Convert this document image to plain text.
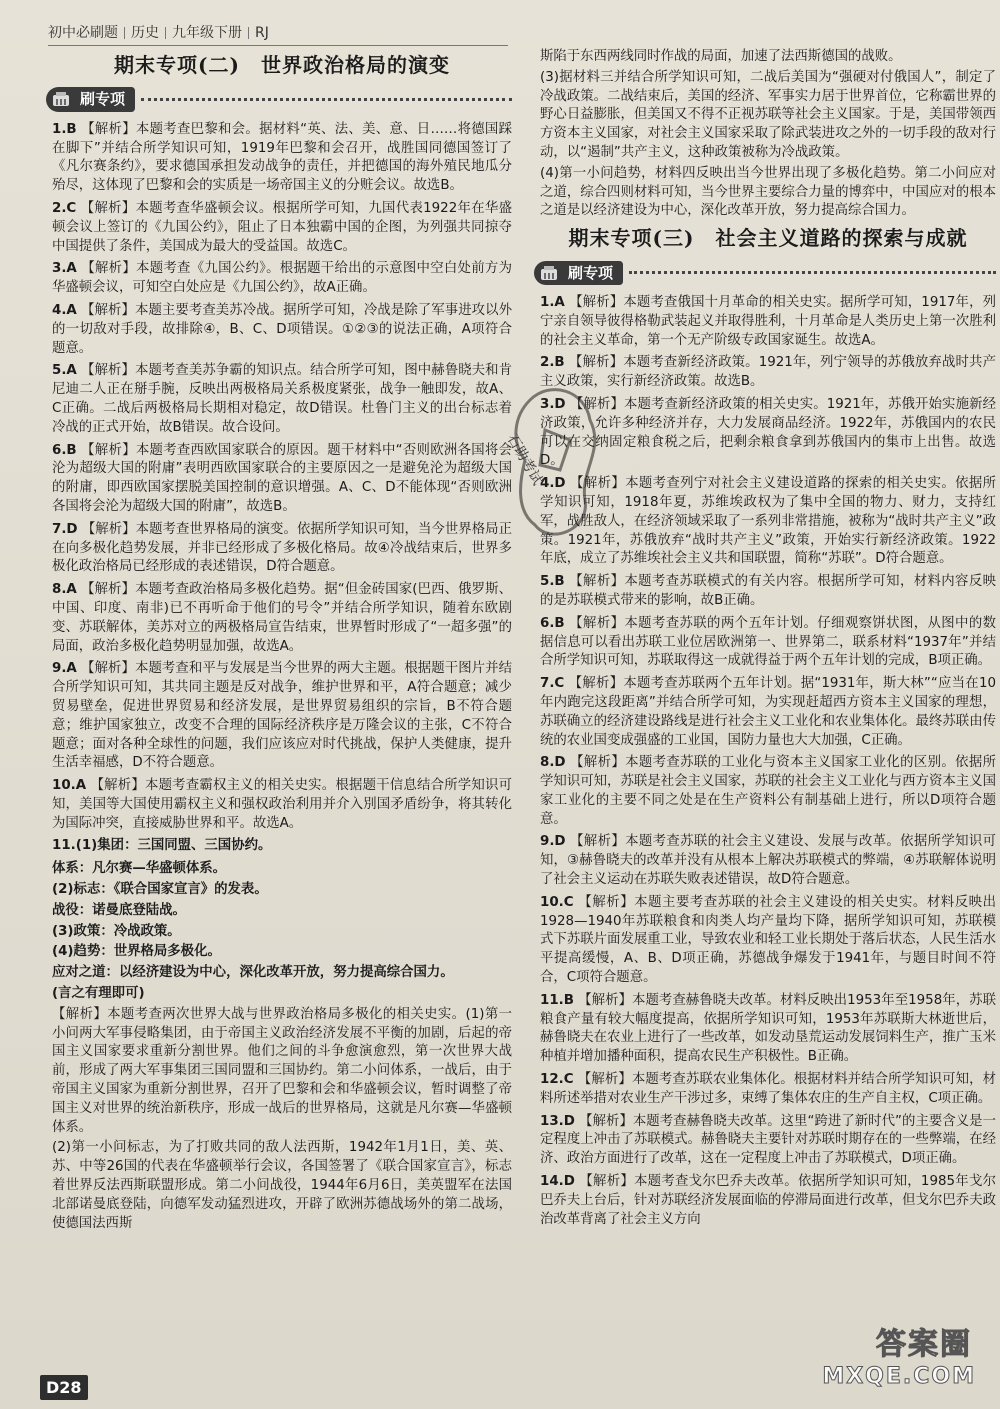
初中必刷题 历史 九年级下册 RJ
期末专项(二)　世界政治格局的演变
刷专项
1.B 【解析】本题考查巴黎和会。据材料“英、法、美、意、日……将德国踩在脚下”并结合所学知识可知，1919年巴黎和会召开，战胜国同德国签订了《凡尔赛条约》，要求德国承担发动战争的责任，并把德国的海外殖民地瓜分殆尽，这体现了巴黎和会的实质是一场帝国主义的分赃会议。故选B。
2.C 【解析】本题考查华盛顿会议。根据所学可知，九国代表1922年在华盛顿会议上签订的《九国公约》，阻止了日本独霸中国的企图，为列强共同掠夺中国提供了条件，美国成为最大的受益国。故选C。
3.A 【解析】本题考查《九国公约》。根据题干给出的示意图中空白处前方为华盛顿会议，可知空白处应是《九国公约》，故A正确。
4.A 【解析】本题主要考查美苏冷战。据所学可知，冷战是除了军事进攻以外的一切敌对手段，故排除④，B、C、D项错误。①②③的说法正确，A项符合题意。
5.A 【解析】本题考查美苏争霸的知识点。结合所学可知，图中赫鲁晓夫和肯尼迪二人正在掰手腕，反映出两极格局关系极度紧张，战争一触即发，故A、C正确。二战后两极格局长期相对稳定，故D错误。杜鲁门主义的出台标志着冷战的正式开始，故B错误。故合设问。
6.B 【解析】本题考查西欧国家联合的原因。题干材料中“否则欧洲各国将会沦为超级大国的附庸”表明西欧国家联合的主要原因之一是避免沦为超级大国的附庸，即西欧国家摆脱美国控制的意识增强。A、C、D不能体现“否则欧洲各国将会沦为超级大国的附庸”，故选B。
7.D 【解析】本题考查世界格局的演变。依据所学知识可知，当今世界格局正在向多极化趋势发展，并非已经形成了多极化格局。故④冷战结束后，世界多极化政治格局已经形成的表述错误，D符合题意。
8.A 【解析】本题考查政治格局多极化趋势。据“但金砖国家(巴西、俄罗斯、中国、印度、南非)已不再听命于他们的号令”并结合所学知识，随着东欧剧变、苏联解体，美苏对立的两极格局宣告结束，世界暂时形成了“一超多强”的局面，政治多极化趋势明显加强，故选A。
9.A 【解析】本题考查和平与发展是当今世界的两大主题。根据题干图片并结合所学知识可知，其共同主题是反对战争，维护世界和平，A符合题意；减少贸易壁垒，促进世界贸易和经济发展，是世界贸易组织的宗旨，B不符合题意；维护国家独立，改变不合理的国际经济秩序是万隆会议的主张，C不符合题意；面对各种全球性的问题，我们应该应对时代挑战，保护人类健康，提升生活幸福感，D不符合题意。
10.A 【解析】本题考查霸权主义的相关史实。根据题干信息结合所学知识可知，美国等大国使用霸权主义和强权政治利用并介入別国矛盾纷争，将其转化为国际冲突，直接威胁世界和平。故选A。
11.(1)集团：三国同盟、三国协约。
体系：凡尔赛—华盛顿体系。
(2)标志：《联合国家宣言》的发表。
战役：诺曼底登陆战。
(3)政策：冷战政策。
(4)趋势：世界格局多极化。
应对之道：以经济建设为中心，深化改革开放，努力提高综合国力。
(言之有理即可)
【解析】本题考查两次世界大战与世界政治格局多极化的相关史实。(1)第一小问两大军事侵略集团，由于帝国主义政治经济发展不平衡的加剧，后起的帝国主义国家要求重新分割世界。他们之间的斗争愈演愈烈，第一次世界大战前，形成了两大军事集团三国同盟和三国协约。第二小问体系，一战后，由于帝国主义国家为重新分割世界，召开了巴黎和会和华盛顿会议，暂时调整了帝国主义对世界的统治新秩序，形成一战后的世界格局，这就是凡尔赛—华盛顿体系。
(2)第一小问标志，为了打败共同的敌人法西斯，1942年1月1日，美、英、苏、中等26国的代表在华盛顿举行会议，各国签署了《联合国家宣言》，标志着世界反法西斯联盟形成。第二小问战役，1944年6月6日，美英盟军在法国北部诺曼底登陆，向德军发动猛烈进攻，开辟了欧洲苏德战场外的第二战场，使德国法西斯
斯陷于东西两线同时作战的局面，加速了法西斯德国的战败。
(3)据材料三并结合所学知识可知，二战后美国为“强硬对付俄国人”，制定了冷战政策。二战结束后，美国的经济、军事实力居于世界首位，它称霸世界的野心日益膨胀，但美国又不得不正视苏联等社会主义国家。于是，美国带领西方资本主义国家，对社会主义国家采取了除武装进攻之外的一切手段的敌对行动，以“遏制”共产主义，这种政策被称为冷战政策。
(4)第一小问趋势，材料四反映出当今世界出现了多极化趋势。第二小问应对之道，综合四则材料可知，当今世界主要综合力量的博弈中，中国应对的根本之道是以经济建设为中心，深化改革开放，努力提高综合国力。
期末专项(三)　社会主义道路的探索与成就
刷专项
1.A 【解析】本题考查俄国十月革命的相关史实。据所学可知，1917年，列宁亲自领导彼得格勒武装起义并取得胜利，十月革命是人类历史上第一次胜利的社会主义革命，第一个无产阶级专政国家诞生。故选A。
2.B 【解析】本题考查新经济政策。1921年，列宁领导的苏俄放弃战时共产主义政策，实行新经济政策。故选B。
3.D 【解析】本题考查新经济政策的相关史实。1921年，苏俄开始实施新经济政策，允许多种经济并存，大力发展商品经济。1922年，苏俄国内的农民可以在交纳固定粮食税之后，把剩余粮食拿到苏俄国内的集市上出售。故选D。
4.D 【解析】本题考查列宁对社会主义建设道路的探索的相关史实。依据所学知识可知，1918年夏，苏维埃政权为了集中全国的物力、财力，支持红军，战胜敌人，在经济领域采取了一系列非常措施，被称为“战时共产主义”政策。1921年，苏俄放弃“战时共产主义”政策，开始实行新经济政策。1922年底，成立了苏维埃社会主义共和国联盟，简称“苏联”。D符合题意。
5.B 【解析】本题考查苏联模式的有关内容。根据所学可知，材料内容反映的是苏联模式带来的影响，故B正确。
6.B 【解析】本题考查苏联的两个五年计划。仔细观察饼状图，从图中的数据信息可以看出苏联工业位居欧洲第一、世界第二，联系材料“1937年”并结合所学知识可知，苏联取得这一成就得益于两个五年计划的完成，B项正确。
7.C 【解析】本题考查苏联两个五年计划。据“1931年，斯大林”“应当在10年内跑完这段距离”并结合所学可知，为实现赶超西方资本主义国家的理想，苏联确立的经济建设路线是进行社会主义工业化和农业集体化。最终苏联由传统的农业国变成强盛的工业国，国防力量也大大加强，C正确。
8.D 【解析】本题考查苏联的工业化与资本主义国家工业化的区别。依据所学知识可知，苏联是社会主义国家，苏联的社会主义工业化与西方资本主义国家工业化的主要不同之处是在生产资料公有制基础上进行，所以D项符合题意。
9.D 【解析】本题考查苏联的社会主义建设、发展与改革。依据所学知识可知，③赫鲁晓夫的改革并没有从根本上解决苏联模式的弊端，④苏联解体说明了社会主义运动在苏联失败表述错误，故D符合题意。
10.C 【解析】本题主要考查苏联的社会主义建设的相关史实。材料反映出1928—1940年苏联粮食和肉类人均产量均下降，据所学知识可知，苏联模式下苏联片面发展重工业，导致农业和轻工业长期处于落后状态，人民生活水平提高缓慢，A、B、D项正确，苏德战争爆发于1941年，与题目时间不符合，C项符合题意。
11.B 【解析】本题考查赫鲁晓夫改革。材料反映出1953年至1958年，苏联粮食产量有较大幅度提高，依据所学知识可知，1953年苏联斯大林逝世后，赫鲁晓夫在农业上进行了一些改革，如发动垦荒运动发展饲料生产，推广玉米种植并增加播种面积，提高农民生产积极性。B正确。
12.C 【解析】本题考查苏联农业集体化。根据材料并结合所学知识可知，材料所述举措对农业生产干涉过多，束缚了集体农庄的生产自主权，C项正确。
13.D 【解析】本题考查赫鲁晓夫改革。这里“跨进了新时代”的主要含义是一定程度上冲击了苏联模式。赫鲁晓夫主要针对苏联时期存在的一些弊端，在经济、政治方面进行了改革，这在一定程度上冲击了苏联模式，D项正确。
14.D 【解析】本题考查戈尔巴乔夫改革。依据所学知识可知，1985年戈尔巴乔夫上台后，针对苏联经济发展面临的停滞局面进行改革，但戈尔巴乔夫政治改革背离了社会主义方向
石助考试
D28
答案圈
MXQE.COM
